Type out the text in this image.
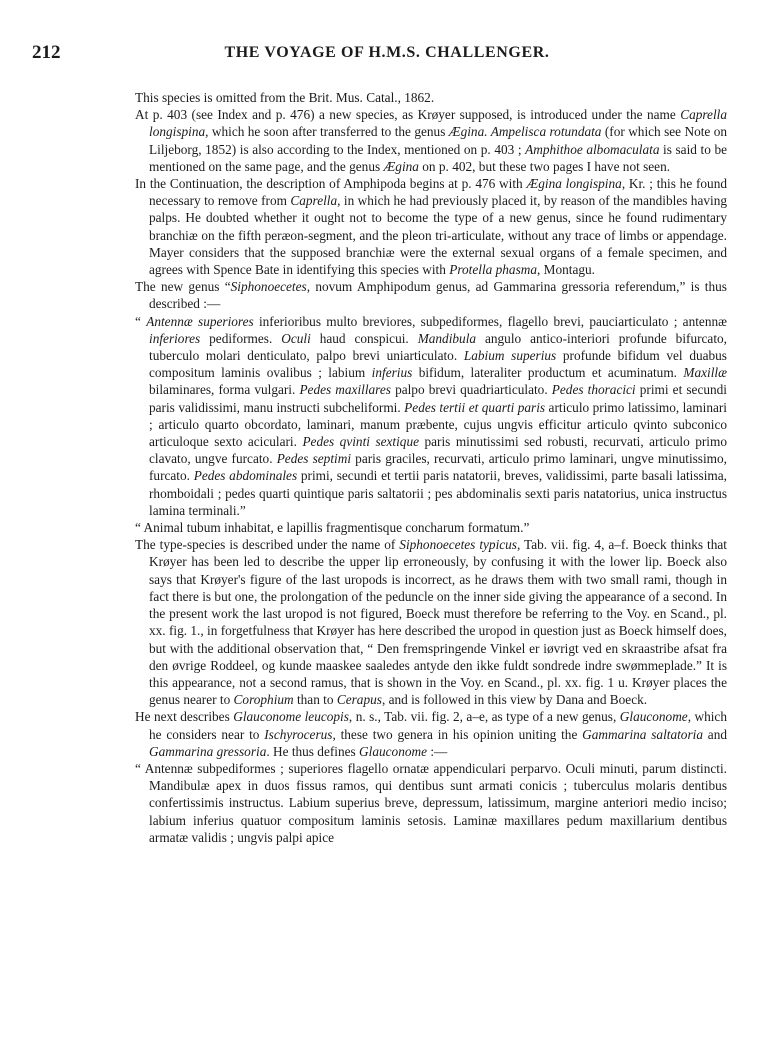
212	THE VOYAGE OF H.M.S. CHALLENGER.

This species is omitted from the Brit. Mus. Catal., 1862.

At p. 403 (see Index and p. 476) a new species, as Krøyer supposed, is introduced under the name Caprella longispina, which he soon after transferred to the genus Ægina. Ampelisca rotundata (for which see Note on Liljeborg, 1852) is also according to the Index, mentioned on p. 403 ; Amphithoe albomaculata is said to be mentioned on the same page, and the genus Ægina on p. 402, but these two pages I have not seen.

In the Continuation, the description of Amphipoda begins at p. 476 with Ægina longispina, Kr. ; this he found necessary to remove from Caprella, in which he had previously placed it, by reason of the mandibles having palps. He doubted whether it ought not to become the type of a new genus, since he found rudimentary branchiæ on the fifth peræon-segment, and the pleon tri-articulate, without any trace of limbs or appendage. Mayer considers that the supposed branchiæ were the external sexual organs of a female specimen, and agrees with Spence Bate in identifying this species with Protella phasma, Montagu.

The new genus “Siphonoecetes, novum Amphipodum genus, ad Gammarina gressoria referendum,” is thus described :—

“ Antennæ superiores inferioribus multo breviores, subpediformes, flagello brevi, pauciarticulato ; antennæ inferiores pediformes. Oculi haud conspicui. Mandibula angulo antico-interiori profunde bifurcato, tuberculo molari denticulato, palpo brevi uniarticulato. Labium superius profunde bifidum vel duabus compositum laminis ovalibus ; labium inferius bifidum, lateraliter productum et acuminatum. Maxillæ bilaminares, forma vulgari. Pedes maxillares palpo brevi quadriarticulato. Pedes thoracici primi et secundi paris validissimi, manu instructi subcheliformi. Pedes tertii et quarti paris articulo primo latissimo, laminari ; articulo quarto obcordato, laminari, manum præbente, cujus ungvis efficitur articulo qvinto subconico articuloque sexto aciculari. Pedes qvinti sextique paris minutissimi sed robusti, recurvati, articulo primo clavato, ungve furcato. Pedes septimi paris graciles, recurvati, articulo primo laminari, ungve minutissimo, furcato. Pedes abdominales primi, secundi et tertii paris natatorii, breves, validissimi, parte basali latissima, rhomboidali ; pedes quarti quintique paris saltatorii ; pes abdominalis sexti paris natatorius, unica instructus lamina terminali.”

“ Animal tubum inhabitat, e lapillis fragmentisque concharum formatum.”

The type-species is described under the name of Siphonoecetes typicus, Tab. vii. fig. 4, a–f. Boeck thinks that Krøyer has been led to describe the upper lip erroneously, by confusing it with the lower lip. Boeck also says that Krøyer's figure of the last uropods is incorrect, as he draws them with two small rami, though in fact there is but one, the prolongation of the peduncle on the inner side giving the appearance of a second. In the present work the last uropod is not figured, Boeck must therefore be referring to the Voy. en Scand., pl. xx. fig. 1., in forgetfulness that Krøyer has here described the uropod in question just as Boeck himself does, but with the additional observation that, “ Den fremspringende Vinkel er iøvrigt ved en skraastribe afsat fra den øvrige Roddeel, og kunde maaskee saaledes antyde den ikke fuldt sondrede indre swømmeplade.” It is this appearance, not a second ramus, that is shown in the Voy. en Scand., pl. xx. fig. 1 u. Krøyer places the genus nearer to Corophium than to Cerapus, and is followed in this view by Dana and Boeck.

He next describes Glauconome leucopis, n. s., Tab. vii. fig. 2, a–e, as type of a new genus, Glauconome, which he considers near to Ischyrocerus, these two genera in his opinion uniting the Gammarina saltatoria and Gammarina gressoria. He thus defines Glauconome :—

“ Antennæ subpediformes ; superiores flagello ornatæ appendiculari perparvo. Oculi minuti, parum distincti. Mandibulæ apex in duos fissus ramos, qui dentibus sunt armati conicis ; tuberculus molaris dentibus confertissimis instructus. Labium superius breve, depressum, latissimum, margine anteriori medio inciso; labium inferius quatuor compositum laminis setosis. Laminæ maxillares pedum maxillarium dentibus armatæ validis ; ungvis palpi apice
